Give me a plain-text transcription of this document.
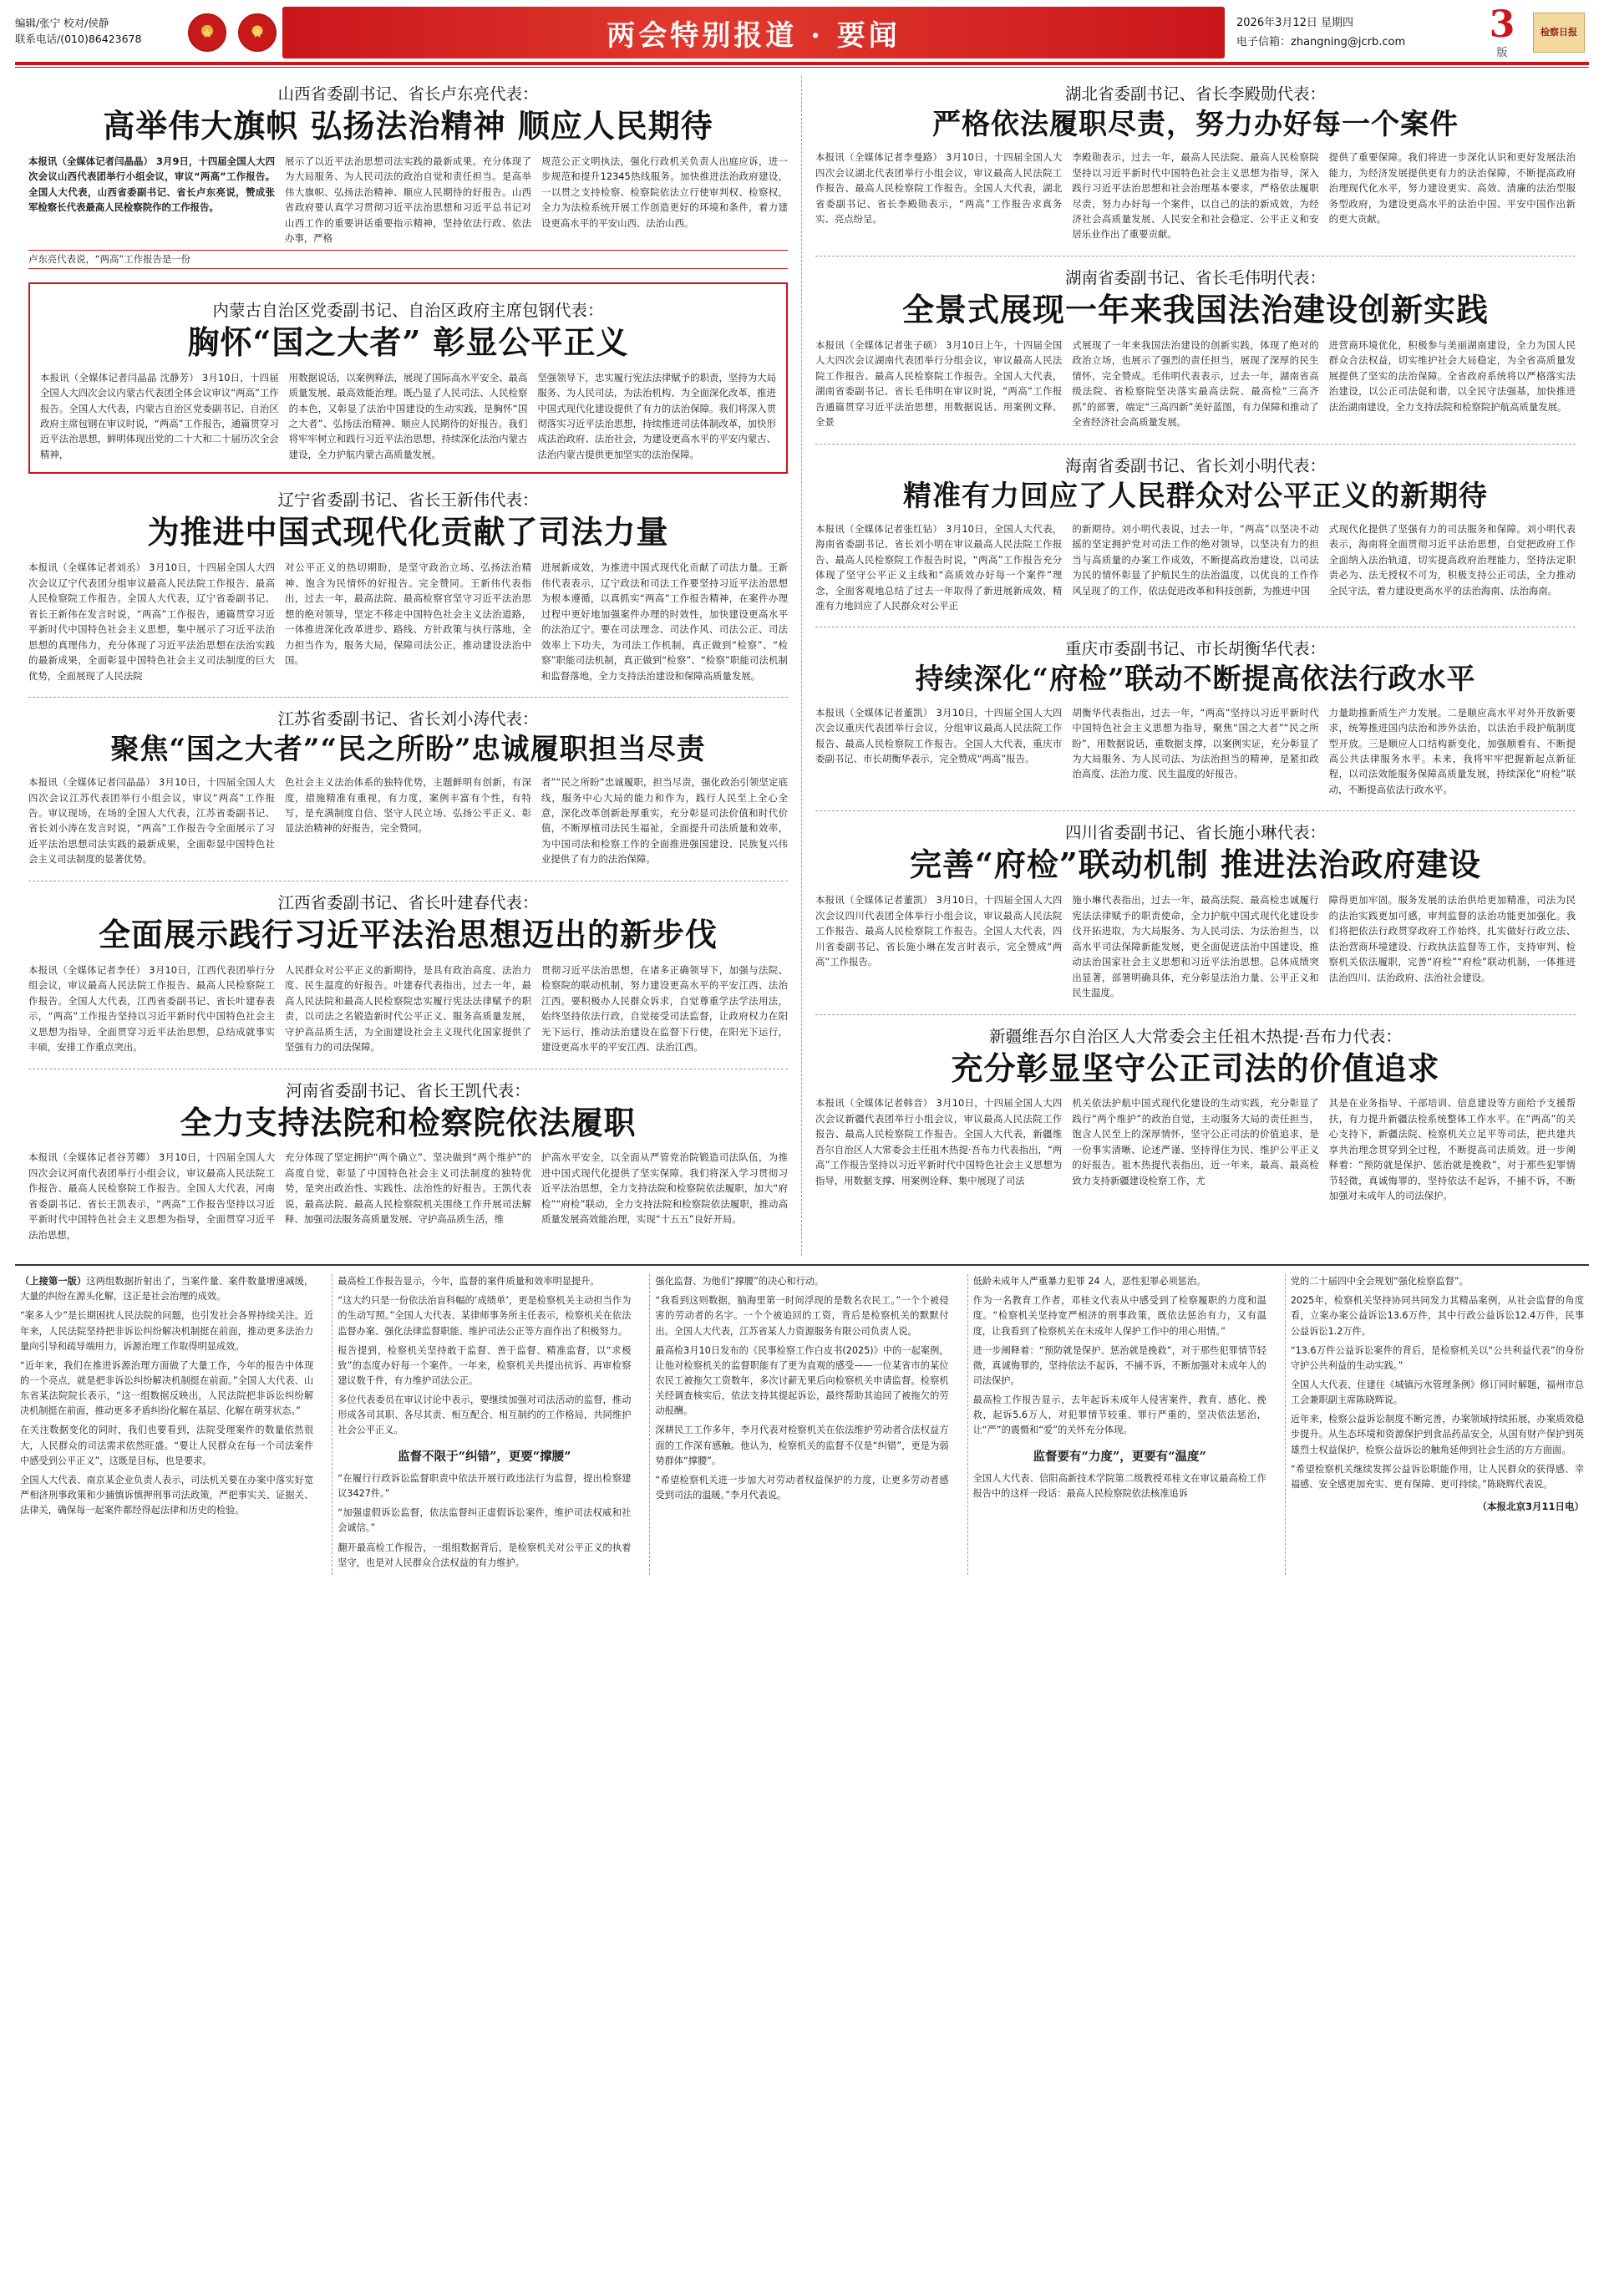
编辑/张宁 校对/侯静
联系电话/(010)86423678 ★ ★	两会特别报道 · 要闻	2026年3月12日 星期四
电子信箱：zhangning@jcrb.com	3
版
检察日报
山西省委副书记、省长卢东亮代表：
高举伟大旗帜 弘扬法治精神 顺应人民期待
本报讯（全媒体记者闫晶晶） 3月9日，十四届全国人大四次会议山西代表团举行小组会议，审议“两高”工作报告。全国人大代表，山西省委副书记、省长卢东亮说，赞成张军检察长代表最高人民检察院作的工作报告。
展示了以近平法治思想司法实践的最新成果。充分体现了为大局服务、为人民司法的政治自觉和责任担当。是高举伟大旗帜、弘扬法治精神、顺应人民期待的好报告。山西省政府要认真学习贯彻习近平法治思想和习近平总书记对山西工作的重要讲话重要指示精神，坚持依法行政、依法办事，严格
规范公正文明执法，强化行政机关负责人出庭应诉，进一步规范和提升12345热线服务。加快推进法治政府建设，一以贯之支持检察、检察院依法立行使审判权、检察权，全力为法检系统开展工作创造更好的环境和条件，着力建设更高水平的平安山西、法治山西。
卢东亮代表说，“两高”工作报告是一份
内蒙古自治区党委副书记、自治区政府主席包钢代表：
胸怀“国之大者” 彰显公平正义
本报讯（全媒体记者闫晶晶 沈静芳） 3月10日，十四届全国人大四次会议内蒙古代表团全体会议审议“两高”工作报告。全国人大代表，内蒙古自治区党委副书记、自治区政府主席包钢在审议时说，“两高”工作报告，通篇贯穿习近平法治思想，鲜明体现出党的二十大和二十届历次全会精神，
用数据说话，以案例释法，展现了国际高水平安全、最高质量发展、最高效能治理。既凸显了人民司法、人民检察的本色，又彰显了法治中国建设的生动实践，是胸怀“国之大者”、弘扬法治精神、顺应人民期待的好报告。我们将牢牢树立和践行习近平法治思想，持续深化法治内蒙古建设，全力护航内蒙古高质量发展。
坚强领导下，忠实履行宪法法律赋予的职责，坚持为大局服务、为人民司法，为法治机构、为全面深化改革，推进中国式现代化建设提供了有力的法治保障。我们将深入贯彻落实习近平法治思想，持续推进司法体制改革，加快形成法治政府、法治社会，为建设更高水平的平安内蒙古、法治内蒙古提供更加坚实的法治保障。
辽宁省委副书记、省长王新伟代表：
为推进中国式现代化贡献了司法力量
本报讯（全媒体记者刘丞） 3月10日，十四届全国人大四次会议辽宁代表团分组审议最高人民法院工作报告、最高人民检察院工作报告。全国人大代表，辽宁省委副书记、省长王新伟在发言时说，“两高”工作报告，通篇贯穿习近平新时代中国特色社会主义思想，集中展示了习近平法治思想的真理伟力，充分体现了习近平法治思想在法治实践的最新成果，全面彰显中国特色社会主义司法制度的巨大优势，全面展现了人民法院
对公平正义的热切期盼，是坚守政治立场、弘扬法治精神、饱含为民情怀的好报告。完全赞同。王新伟代表指出，过去一年，最高法院、最高检察官坚守习近平法治思想的绝对领导，坚定不移走中国特色社会主义法治道路，一体推进深化改革进步、路线、方针政策与执行落地，全力担当作为，服务大局，保障司法公正，推动建设法治中国。
进展新成效，为推进中国式现代化贡献了司法力量。王新伟代表表示，辽宁政法和司法工作要坚持习近平法治思想为根本遵循，以真抓实“两高”工作报告精神，在案件办理过程中更好地加强案件办理的时效性，加快建设更高水平的法治辽宁。要在司法理念、司法作风、司法公正、司法效率上下功夫，为司法工作机制，真正做到“检察”、“检察”职能司法机制，真正做到“检察”、“检察”职能司法机制和监督落地，全力支持法治建设和保障高质量发展。
江苏省委副书记、省长刘小涛代表：
聚焦“国之大者”“民之所盼”忠诚履职担当尽责
本报讯（全媒体记者闫晶晶） 3月10日，十四届全国人大四次会议江苏代表团举行小组会议，审议“两高”工作报告。审议现场，在场的全国人大代表，江苏省委副书记、省长刘小涛在发言时说，“两高”工作报告令全面展示了习近平法治思想司法实践的最新成果，全面彰显中国特色社会主义司法制度的显著优势。
色社会主义法治体系的独特优势，主题鲜明有创新，有深度，措施精准有重视，有力度，案例丰富有个性，有特写，是充满制度自信、坚守人民立场、弘扬公平正义、彰显法治精神的好报告，完全赞同。
者”“民之所盼”忠诚履职，担当尽责，强化政治引领坚定底线，服务中心大局的能力和作为，践行人民至上全心全意，深化改革创新赴厚重实，充分彰显司法价值和时代价值，不断厚植司法民生福祉，全面提升司法质量和效率，为中国司法和检察工作的全面推进强国建设、民族复兴伟业提供了有力的法治保障。
江西省委副书记、省长叶建春代表：
全面展示践行习近平法治思想迈出的新步伐
本报讯（全媒体记者李任） 3月10日，江西代表团举行分组会议，审议最高人民法院工作报告、最高人民检察院工作报告。全国人大代表，江西省委副书记、省长叶建春表示，“两高”工作报告坚持以习近平新时代中国特色社会主义思想为指导，全面贯穿习近平法治思想，总结成就事实丰硕，安排工作重点突出。
人民群众对公平正义的新期待，是具有政治高度、法治力度、民生温度的好报告。叶建春代表指出，过去一年，最高人民法院和最高人民检察院忠实履行宪法法律赋予的职责，以司法之名锻造新时代公平正义、服务高质量发展，守护高品质生活，为全面建设社会主义现代化国家提供了坚强有力的司法保障。
贯彻习近平法治思想，在诸多正确领导下，加强与法院、检察院的联动机制，努力建设更高水平的平安江西、法治江西。要积极办人民群众诉求，自觉尊重学法学法用法，始终坚持依法行政，自觉接受司法监督，让政府权力在阳光下运行，推动法治建设在监督下行使，在阳光下运行，建设更高水平的平安江西、法治江西。
河南省委副书记、省长王凯代表：
全力支持法院和检察院依法履职
本报讯（全媒体记者谷芳卿） 3月10日，十四届全国人大四次会议河南代表团举行小组会议，审议最高人民法院工作报告、最高人民检察院工作报告。全国人大代表，河南省委副书记、省长王凯表示，“两高”工作报告坚持以习近平新时代中国特色社会主义思想为指导，全面贯穿习近平法治思想，
充分体现了坚定拥护“两个确立”、坚决做到“两个维护”的高度自觉，彰显了中国特色社会主义司法制度的独特优势，是突出政治性、实践性、法治性的好报告。王凯代表说，最高法院、最高人民检察院机关围绕工作开展司法解释、加强司法服务高质量发展、守护高品质生活，维
护高水平安全，以全面从严管党治院锻造司法队伍，为推进中国式现代化提供了坚实保障。我们将深入学习贯彻习近平法治思想，全力支持法院和检察院依法履职，加大“府检”“府检”联动，全力支持法院和检察院依法履职，推动高质量发展高效能治理，实现“十五五”良好开局。
湖北省委副书记、省长李殿勋代表：
严格依法履职尽责，努力办好每一个案件
本报讯（全媒体记者李曼路） 3月10日，十四届全国人大四次会议湖北代表团举行小组会议，审议最高人民法院工作报告、最高人民检察院工作报告。全国人大代表，湖北省委副书记、省长李殿勋表示，“两高”工作报告求真务实、亮点纷呈。
李殿勋表示，过去一年，最高人民法院、最高人民检察院坚持以习近平新时代中国特色社会主义思想为指导，深入践行习近平法治思想和社会治理基本要求，严格依法履职尽责，努力办好每一个案件，以自己的法的新成效，为经济社会高质量发展、人民安全和社会稳定、公平正义和安居乐业作出了重要贡献。
提供了重要保障。我们将进一步深化认识和更好发展法治能力，为经济发展提供更有力的法治保障，不断提高政府治理现代化水平，努力建设更实、高效、清廉的法治型服务型政府，为建设更高水平的法治中国、平安中国作出新的更大贡献。
湖南省委副书记、省长毛伟明代表：
全景式展现一年来我国法治建设创新实践
本报讯（全媒体记者张子硕） 3月10日上午，十四届全国人大四次会议湖南代表团举行分组会议，审议最高人民法院工作报告、最高人民检察院工作报告。全国人大代表，湖南省委副书记、省长毛伟明在审议时说，“两高”工作报告通篇贯穿习近平法治思想，用数据说话、用案例文释、全景
式展现了一年来我国法治建设的创新实践，体现了绝对的政治立场，也展示了强烈的责任担当，展现了深厚的民生情怀，完全赞成。毛伟明代表表示，过去一年，湖南省高级法院、省检察院坚决落实最高法院、最高检“三高齐抓”的部署，端定“三高四新”美好蓝图，有力保障和推动了全省经济社会高质量发展。
进营商环境优化，积极参与美丽湖南建设，全力为国人民群众合法权益，切实维护社会大局稳定，为全省高质量发展提供了坚实的法治保障。全省政府系统将以严格落实法治建设，以公正司法促和谐，以全民守法强基，加快推进法治湖南建设，全力支持法院和检察院护航高质量发展。
海南省委副书记、省长刘小明代表：
精准有力回应了人民群众对公平正义的新期待
本报讯（全媒体记者张红钻） 3月10日，全国人大代表，海南省委副书记、省长刘小明在审议最高人民法院工作报告、最高人民检察院工作报告时说，“两高”工作报告充分体现了坚守公平正义主线和“高质效办好每一个案件”理念，全面客观地总结了过去一年取得了新进展新成效，精准有力地回应了人民群众对公平正
的新期待。刘小明代表说，过去一年，“两高”以坚决不动摇的坚定拥护党对司法工作的绝对领导，以坚决有力的担当与高质量的办案工作成效，不断提高政治建设，以司法为民的情怀彰显了护航民生的法治温度，以优良的工作作风呈现了的工作，依法促进改革和科技创新，为推进中国
式现代化提供了坚强有力的司法服务和保障。刘小明代表表示，海南将全面贯彻习近平法治思想，自觉把政府工作全面纳入法治轨道，切实提高政府治理能力，坚持法定职责必为、法无授权不可为，积极支持公正司法，全力推动全民守法，着力建设更高水平的法治海南、法治海南。
重庆市委副书记、市长胡衡华代表：
持续深化“府检”联动不断提高依法行政水平
本报讯（全媒体记者董凯） 3月10日，十四届全国人大四次会议重庆代表团举行会议，分组审议最高人民法院工作报告、最高人民检察院工作报告。全国人大代表，重庆市委副书记、市长胡衡华表示，完全赞成“两高”报告。
胡衡华代表指出，过去一年，“两高”坚持以习近平新时代中国特色社会主义思想为指导，聚焦“国之大者”“民之所盼”，用数据说话，重数据支撑，以案例实证，充分彰显了为大局服务、为人民司法、为法治担当的精神，是紧扣政治高度、法治力度、民生温度的好报告。
力量助推新质生产力发展。二是顺应高水平对外开放新要求，统筹推进国内法治和涉外法治，以法治手段护航制度型开放。三是顺应人口结构新变化，加强顺着有、不断提高公共法律服务水平。未来，我将牢牢把握新起点新征程，以司法效能服务保障高质量发展，持续深化“府检”联动，不断提高依法行政水平。
四川省委副书记、省长施小琳代表：
完善“府检”联动机制 推进法治政府建设
本报讯（全媒体记者董凯） 3月10日，十四届全国人大四次会议四川代表团全体举行小组会议，审议最高人民法院工作报告、最高人民检察院工作报告。全国人大代表，四川省委副书记、省长施小琳在发言时表示，完全赞成“两高”工作报告。
施小琳代表指出，过去一年，最高法院、最高检忠诚履行宪法法律赋予的职责使命，全力护航中国式现代化建设步伐开拓进取，为大局服务、为人民司法、为法治担当，以高水平司法保障新能发展，更全面促进法治中国建设，推动法治国家社会主义思想和习近平法治思想。总体成绩突出显著，部署明确具体，充分彰显法治力量、公平正义和民生温度。
障得更加牢固。服务发展的法治供给更加精准，司法为民的法治实践更加可感，审判监督的法治功能更加强化。我们将把依法行政贯穿政府工作始终，扎实做好行政立法、法治营商环境建设、行政执法监督等工作，支持审判、检察机关依法履职，完善“府检”“府检”联动机制，一体推进法治四川、法治政府、法治社会建设。
新疆维吾尔自治区人大常委会主任祖木热提·吾布力代表：
充分彰显坚守公正司法的价值追求
本报讯（全媒体记者韩音） 3月10日，十四届全国人大四次会议新疆代表团举行小组会议，审议最高人民法院工作报告、最高人民检察院工作报告。全国人大代表，新疆维吾尔自治区人大常委会主任祖木热提·吾布力代表指出，“两高”工作报告坚持以习近平新时代中国特色社会主义思想为指导，用数据支撑、用案例诠释、集中展现了司法
机关依法护航中国式现代化建设的生动实践，充分彰显了践行“两个维护”的政治自觉，主动服务大局的责任担当，饱含人民至上的深厚情怀，坚守公正司法的价值追求，是一份事实清晰、论述严谨、坚持得住为民、维护公平正义的好报告。祖木热提代表指出，近一年来，最高、最高检致力支持新疆建设检察工作，尤
其是在业务指导、干部培训、信息建设等方面给予支援帮扶，有力提升新疆法检系统整体工作水平。在“两高”的关心支持下，新疆法院、检察机关立足平等司法，把共建共享共治理念贯穿到全过程，不断提高司法质效。进一步阐释着：“预防就是保护、惩治就是挽救”，对于那些犯罪情节轻微，真诚悔罪的，坚持依法不起诉，不捕不诉，不断加强对未成年人的司法保护。

（上接第一版）这两组数据折射出了，当案件量、案件数量增速减缓，大量的纠纷在源头化解，这正是社会治理的成效。

“案多人少”是长期困扰人民法院的问题，也引发社会各界持续关注。近年来，人民法院坚持把非诉讼纠纷解决机制挺在前面，推动更多法治力量向引导和疏导端用力，诉源治理工作取得明显成效。

“近年来，我们在推进诉源治理方面做了大量工作，今年的报告中体现的一个亮点，就是把非诉讼纠纷解决机制挺在前面。”全国人大代表、山东省某法院院长表示，“这一组数据反映出，人民法院把非诉讼纠纷解决机制挺在前面，推动更多矛盾纠纷化解在基层、化解在萌芽状态。”

在关注数据变化的同时，我们也要看到，法院受理案件的数量依然很大，人民群众的司法需求依然旺盛。“要让人民群众在每一个司法案件中感受到公平正义”，这既是目标，也是要求。

全国人大代表、南京某企业负责人表示，司法机关要在办案中落实好宽严相济刑事政策和少捕慎诉慎押刑事司法政策，严把事实关、证据关、法律关，确保每一起案件都经得起法律和历史的检验。

最高检工作报告显示，今年，监督的案件质量和效率明显提升。

“这大约只是一份依法治盲科幅的‘成绩单’，更是检察机关主动担当作为的生动写照。”全国人大代表、某律师事务所主任表示，检察机关在依法监督办案、强化法律监督职能、维护司法公正等方面作出了积极努力。

报告提到，检察机关坚持敢于监督、善于监督、精准监督，以“求极致”的态度办好每一个案件。一年来，检察机关共提出抗诉、再审检察建议数千件，有力维护司法公正。

多位代表委员在审议讨论中表示，要继续加强对司法活动的监督，推动形成各司其职、各尽其责、相互配合、相互制约的工作格局，共同维护社会公平正义。

监督不限于“纠错”，更要“撑腰”

“在履行行政诉讼监督职责中依法开展行政违法行为监督，提出检察建议3427件。”

“加强虚假诉讼监督，依法监督纠正虚假诉讼案件，维护司法权威和社会诚信。”

翻开最高检工作报告，一组组数据背后，是检察机关对公平正义的执着坚守，也是对人民群众合法权益的有力维护。

强化监督、为他们“撑腰”的决心和行动。

“我看到这则数据，脑海里第一时间浮现的是数名农民工。”一个个被侵害的劳动者的名字。一个个被追回的工资，背后是检察机关的默默付出。全国人大代表，江苏省某人力资源服务有限公司负责人说。

最高检3月10日发布的《民事检察工作白皮书(2025)》中的一起案例，让他对检察机关的监督职能有了更为直观的感受——一位某省市的某位农民工被拖欠工资数年，多次讨薪无果后向检察机关申请监督。检察机关经调查核实后，依法支持其提起诉讼，最终帮助其追回了被拖欠的劳动报酬。

深耕民工工作多年，李月代表对检察机关在依法维护劳动者合法权益方面的工作深有感触。他认为，检察机关的监督不仅是“纠错”，更是为弱势群体“撑腰”。

“希望检察机关进一步加大对劳动者权益保护的力度，让更多劳动者感受到司法的温暖。”李月代表说。

低龄未成年人严重暴力犯罪 24 人，恶性犯罪必须惩治。

作为一名教育工作者，邓桂文代表从中感受到了检察履职的力度和温度。“检察机关坚持宽严相济的刑事政策，既依法惩治有力，又有温度，让我看到了检察机关在未成年人保护工作中的用心用情。”

进一步阐释着：“预防就是保护、惩治就是挽救”，对于那些犯罪情节轻微，真诚悔罪的，坚持依法不起诉，不捕不诉，不断加强对未成年人的司法保护。

最高检工作报告显示，去年起诉未成年人侵害案件，教育、感化、挽救，起诉5.6万人，对犯罪情节较重、罪行严重的，坚决依法惩治，让“严”的震慑和“爱”的关怀充分体现。

监督要有“力度”，更要有“温度”

全国人大代表、信阳高新技术学院第二级教授邓桂文在审议最高检工作报告中的这样一段话：最高人民检察院依法核准追诉

党的二十届四中全会规划“强化检察监督”。

2025年，检察机关坚持协同共同发力其精品案例，从社会监督的角度看，立案办案公益诉讼13.6万件，其中行政公益诉讼12.4万件，民事公益诉讼1.2万件。

“13.6万件公益诉讼案件的背后，是检察机关以“公共利益代表”的身份守护公共利益的生动实践。”

全国人大代表、住建住《城镇污水管理条例》修订同时解题，福州市总工会兼职副主席陈晓辉说。

近年来，检察公益诉讼制度不断完善，办案领域持续拓展，办案质效稳步提升。从生态环境和资源保护到食品药品安全，从国有财产保护到英雄烈士权益保护，检察公益诉讼的触角延伸到社会生活的方方面面。

“希望检察机关继续发挥公益诉讼职能作用，让人民群众的获得感、幸福感、安全感更加充实、更有保障、更可持续。”陈晓辉代表说。

（本报北京3月11日电）
